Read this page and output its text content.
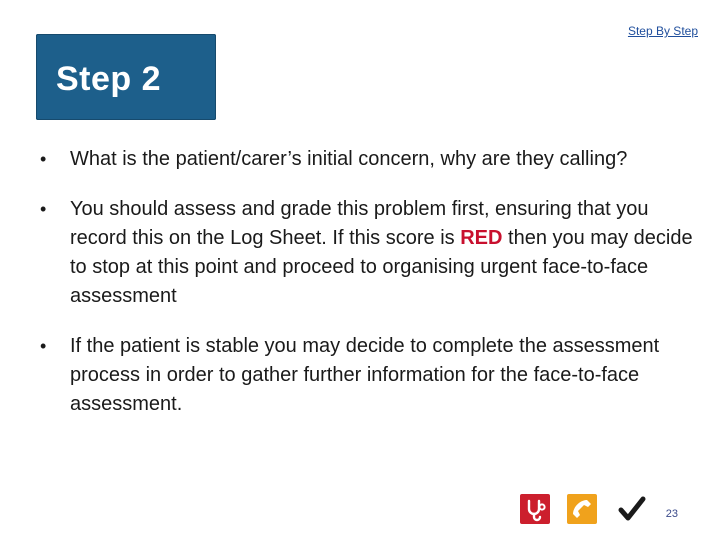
Step By Step
Step 2
• What is the patient/carer’s initial concern, why are they calling?
• You should assess and grade this problem first, ensuring that you record this on the Log Sheet. If this score is RED then you may decide to stop at this point and proceed to organising urgent face-to-face assessment
• If the patient is stable you may decide to complete the assessment process in order to gather further information for the face-to-face assessment.
23
